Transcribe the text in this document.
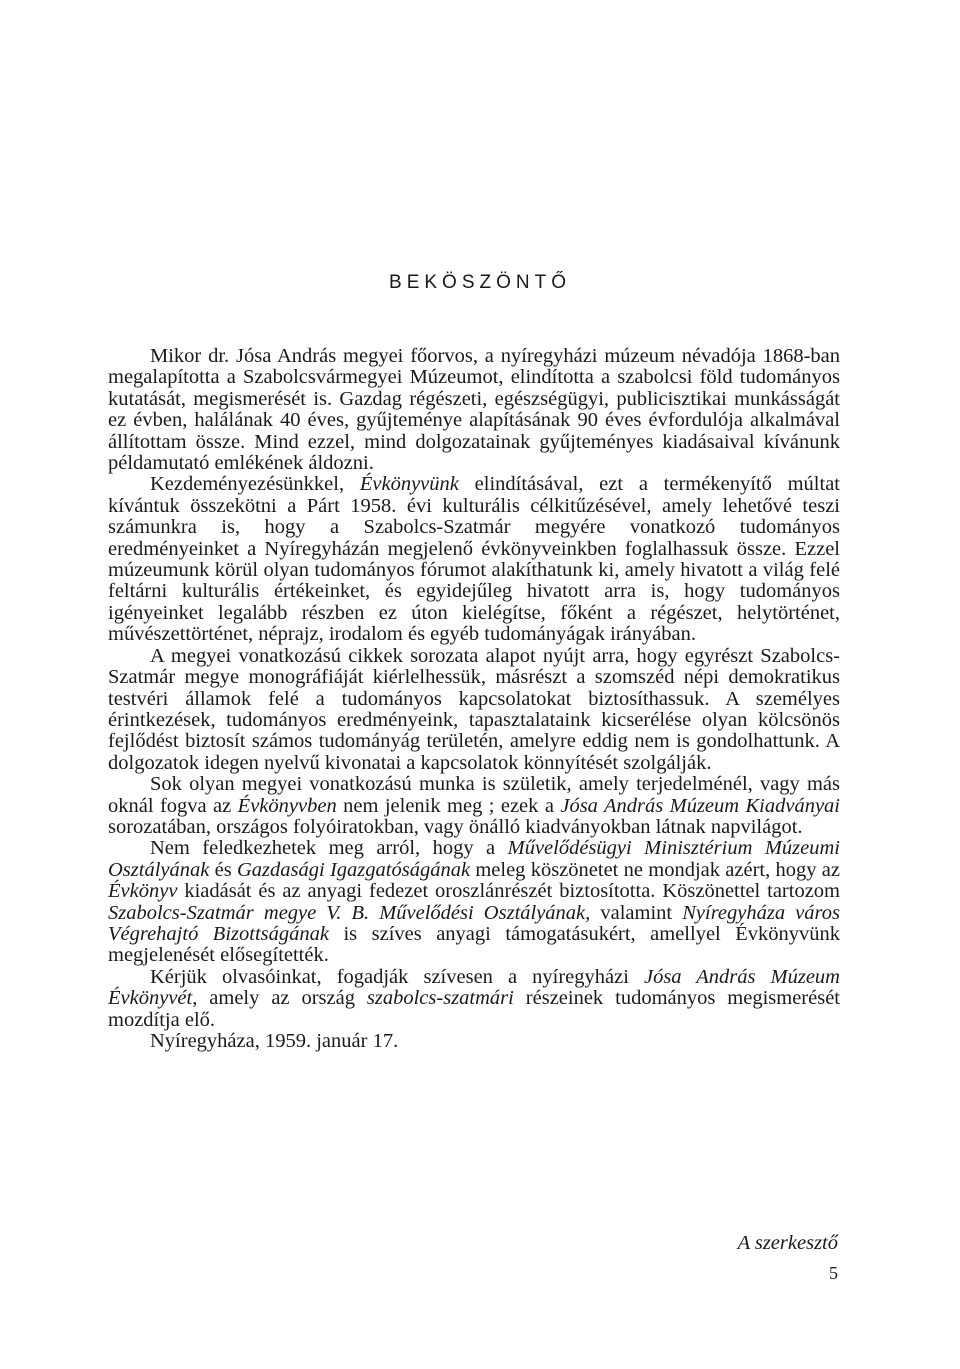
BEKÖSZÖNTŐ

Mikor dr. Jósa András megyei főorvos, a nyíregyházi múzeum névadója 1868-ban megalapította a Szabolcsvármegyei Múzeumot, elindította a szabolcsi föld tudományos kutatását, megismerését is. Gazdag régészeti, egészségügyi, publicisztikai munkásságát ez évben, halálának 40 éves, gyűjteménye alapításának 90 éves évfordulója alkalmával állítottam össze. Mind ezzel, mind dolgozatainak gyűjteményes kiadásaival kívánunk példamutató emlékének áldozni.

Kezdeményezésünkkel, Évkönyvünk elindításával, ezt a termékenyítő múltat kívántuk összekötni a Párt 1958. évi kulturális célkitűzésével, amely lehetővé teszi számunkra is, hogy a Szabolcs-Szatmár megyére vonatkozó tudományos eredményeinket a Nyíregyházán megjelenő évkönyveinkben foglalhassuk össze. Ezzel múzeumunk körül olyan tudományos fórumot alakíthatunk ki, amely hivatott a világ felé feltárni kulturális értékeinket, és egyidejűleg hivatott arra is, hogy tudományos igényeinket legalább részben ez úton kielégítse, főként a régészet, helytörténet, művészettörténet, néprajz, irodalom és egyéb tudományágak irányában.

A megyei vonatkozású cikkek sorozata alapot nyújt arra, hogy egyrészt Szabolcs-Szatmár megye monográfiáját kiérlelhessük, másrészt a szomszéd népi demokratikus testvéri államok felé a tudományos kapcsolatokat biztosíthassuk. A személyes érintkezések, tudományos eredményeink, tapasztalataink kicserélése olyan kölcsönös fejlődést biztosít számos tudományág területén, amelyre eddig nem is gondolhattunk. A dolgozatok idegen nyelvű kivonatai a kapcsolatok könnyítését szolgálják.

Sok olyan megyei vonatkozású munka is születik, amely terjedelménél, vagy más oknál fogva az Évkönyvben nem jelenik meg ; ezek a Jósa András Múzeum Kiadványai sorozatában, országos folyóiratokban, vagy önálló kiadványokban látnak napvilágot.

Nem feledkezhetek meg arról, hogy a Művelődésügyi Minisztérium Múzeumi Osztályának és Gazdasági Igazgatóságának meleg köszönetet ne mondjak azért, hogy az Évkönyv kiadását és az anyagi fedezet oroszlánrészét biztosította. Köszönettel tartozom Szabolcs-Szatmár megye V. B. Művelődési Osztályának, valamint Nyíregyháza város Végrehajtó Bizottságának is szíves anyagi támogatásukért, amellyel Évkönyvünk megjelenését elősegítették.

Kérjük olvasóinkat, fogadják szívesen a nyíregyházi Jósa András Múzeum Évkönyvét, amely az ország szabolcs-szatmári részeinek tudományos megismerését mozdítja elő.

Nyíregyháza, 1959. január 17.

A szerkesztő
5
